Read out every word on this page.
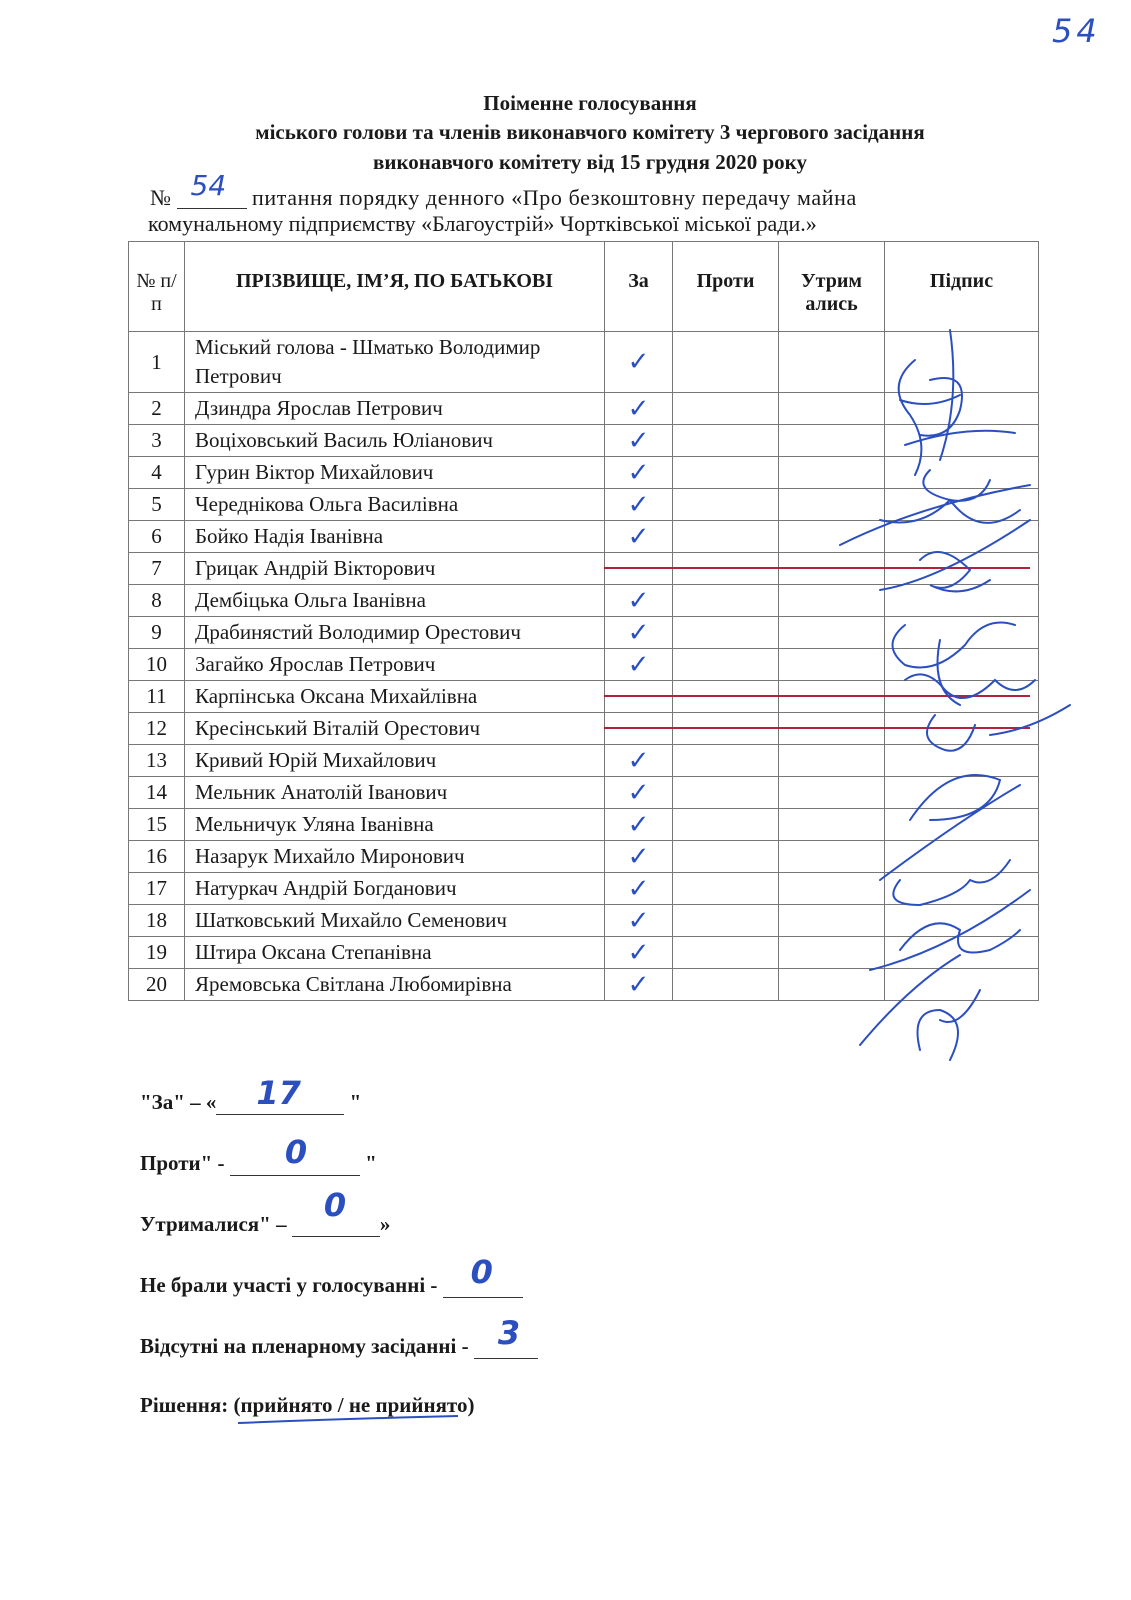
54
Поіменне голосування
міського голови та членів виконавчого комітету 3 чергового засідання
виконавчого комітету від 15 грудня 2020 року
№ 54 питання порядку денного «Про безкоштовну передачу майна
комунальному підприємству «Благоустрій» Чортківської міської ради.»
№ п/ п	ПРІЗВИЩЕ, ІМ’Я, ПО БАТЬКОВІ	За	Проти	Утрим ались	Підпис
1	Міський голова - Шматько Володимир Петрович	✓			
2	Дзиндра Ярослав Петрович	✓			
3	Воціховський Василь Юліанович	✓			
4	Гурин Віктор Михайлович	✓			
5	Череднікова Ольга Василівна	✓			
6	Бойко Надія Іванівна	✓			
7	Грицак Андрій Вікторович				
8	Дембіцька Ольга Іванівна	✓			
9	Драбинястий Володимир Орестович	✓			
10	Загайко Ярослав Петрович	✓			
11	Карпінська Оксана Михайлівна				
12	Кресінський Віталій Орестович				
13	Кривий Юрій Михайлович	✓			
14	Мельник Анатолій Іванович	✓			
15	Мельничук Уляна Іванівна	✓			
16	Назарук Михайло Миронович	✓			
17	Натуркач Андрій Богданович	✓			
18	Шатковський Михайло Семенович	✓			
19	Штира Оксана Степанівна	✓			
20	Яремовська Світлана Любомирівна	✓			
"За" – « 17 "
Проти" - 0	"
Утрималися" – 0 »
Не брали участі у голосуванні - 0
Відсутні на пленарному засіданні - 3
Рішення: (прийнято / не прийнято)
